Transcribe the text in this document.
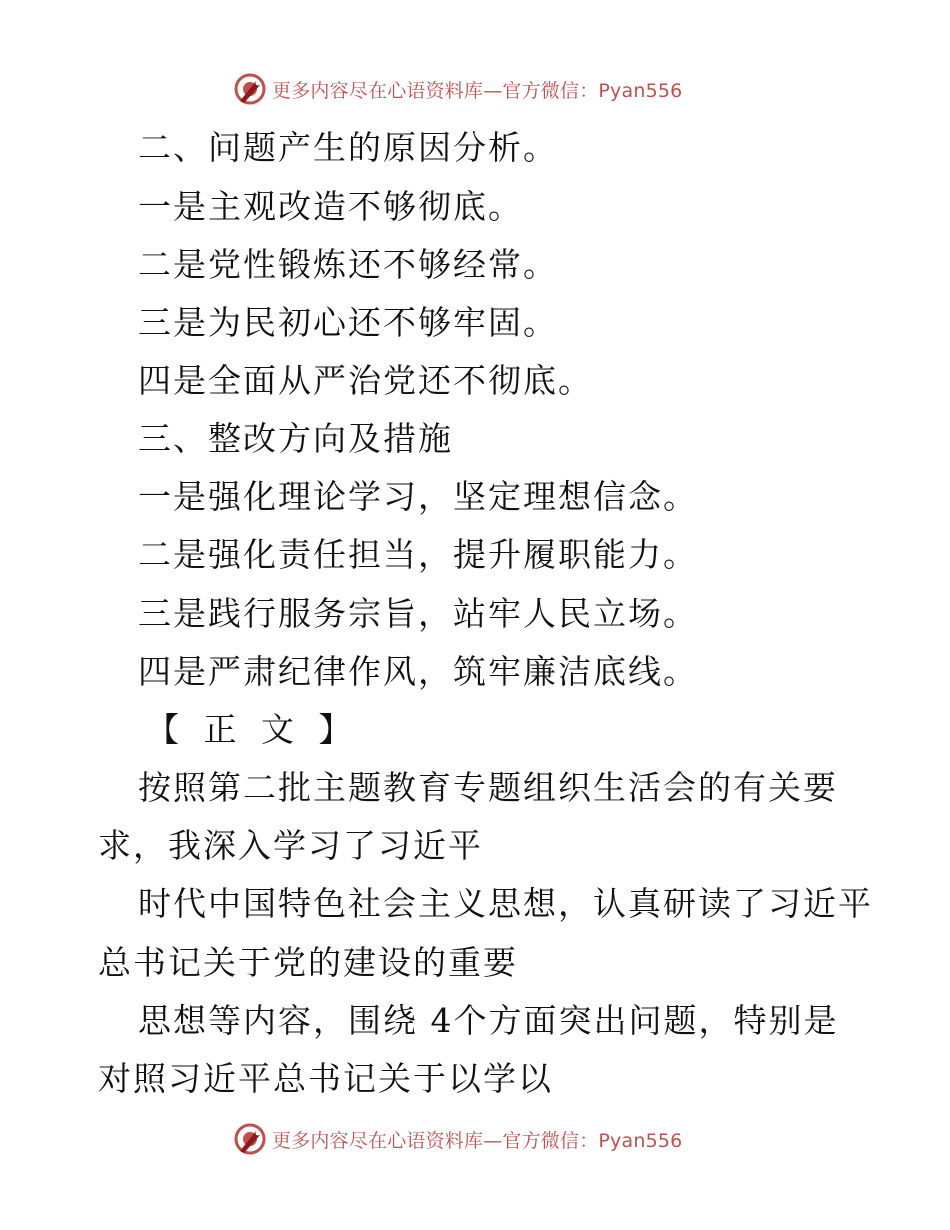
更多内容尽在心语资料库—官方微信：Pyan556
二、问题产生的原因分析。
一是主观改造不够彻底。
二是党性锻炼还不够经常。
三是为民初心还不够牢固。
四是全面从严治党还不彻底。
三、整改方向及措施
一是强化理论学习，坚定理想信念。
二是强化责任担当，提升履职能力。
三是践行服务宗旨，站牢人民立场。
四是严肃纪律作风，筑牢廉洁底线。
【 正 文 】
按照第二批主题教育专题组织生活会的有关要
求，我深入学习了习近平
时代中国特色社会主义思想，认真研读了习近平
总书记关于党的建设的重要
思想等内容，围绕 4个方面突出问题，特别是
对照习近平总书记关于以学以
更多内容尽在心语资料库—官方微信：Pyan556
